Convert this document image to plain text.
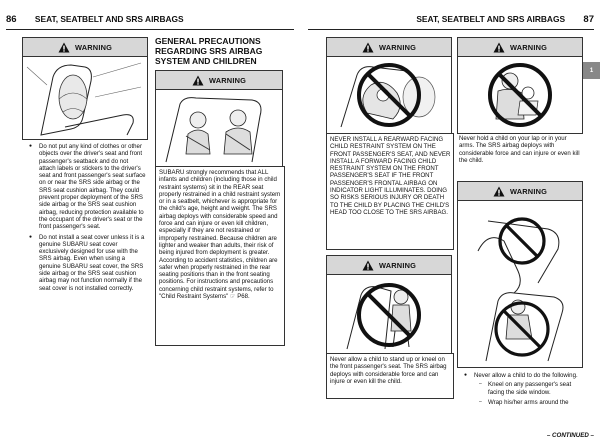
86 SEAT, SEATBELT AND SRS AIRBAGS
WARNING
● Do not put any kind of clothes or other objects over the driver's seat and front passenger's seatback and do not attach labels or stickers to the driver's seat and front passenger's seat surface on or near the SRS side airbag or the SRS seat cushion airbag. They could prevent proper deployment of the SRS side airbag or the SRS seat cushion airbag, reducing protection available to the occupant of the driver's seat or the front passenger's seat.
● Do not install a seat cover unless it is a genuine SUBARU seat cover exclusively designed for use with the SRS airbag. Even when using a genuine SUBARU seat cover, the SRS side airbag or the SRS seat cushion airbag may not function normally if the seat cover is not installed correctly.
GENERAL PRECAUTIONS REGARDING SRS AIRBAG SYSTEM AND CHILDREN
WARNING
SUBARU strongly recommends that ALL infants and children (including those in child restraint systems) sit in the REAR seat properly restrained in a child restraint system or in a seatbelt, whichever is appropriate for the child's age, height and weight. The SRS airbag deploys with considerable speed and force and can injure or even kill children, especially if they are not restrained or improperly restrained. Because children are lighter and weaker than adults, their risk of being injured from deployment is greater. According to accident statistics, children are safer when properly restrained in the rear seating positions than in the front seating positions. For instructions and precautions concerning child restraint systems, refer to "Child Restraint Systems" ☞ P68.
SEAT, SEATBELT AND SRS AIRBAGS 87
1
WARNING
NEVER INSTALL A REARWARD FACING CHILD RESTRAINT SYSTEM ON THE FRONT PASSENGER'S SEAT, AND NEVER INSTALL A FORWARD FACING CHILD RESTRAINT SYSTEM ON THE FRONT PASSENGER'S SEAT IF THE FRONT PASSENGER'S FRONTAL AIRBAG ON INDICATOR LIGHT ILLUMINATES. DOING SO RISKS SERIOUS INJURY OR DEATH TO THE CHILD BY PLACING THE CHILD'S HEAD TOO CLOSE TO THE SRS AIRBAG.
WARNING
Never allow a child to stand up or kneel on the front passenger's seat. The SRS airbag deploys with considerable force and can injure or even kill the child.
WARNING
Never hold a child on your lap or in your arms. The SRS airbag deploys with considerable force and can injure or even kill the child.
WARNING
● Never allow a child to do the following.
– Kneel on any passenger's seat facing the side window.
– Wrap his/her arms around the
– CONTINUED –
